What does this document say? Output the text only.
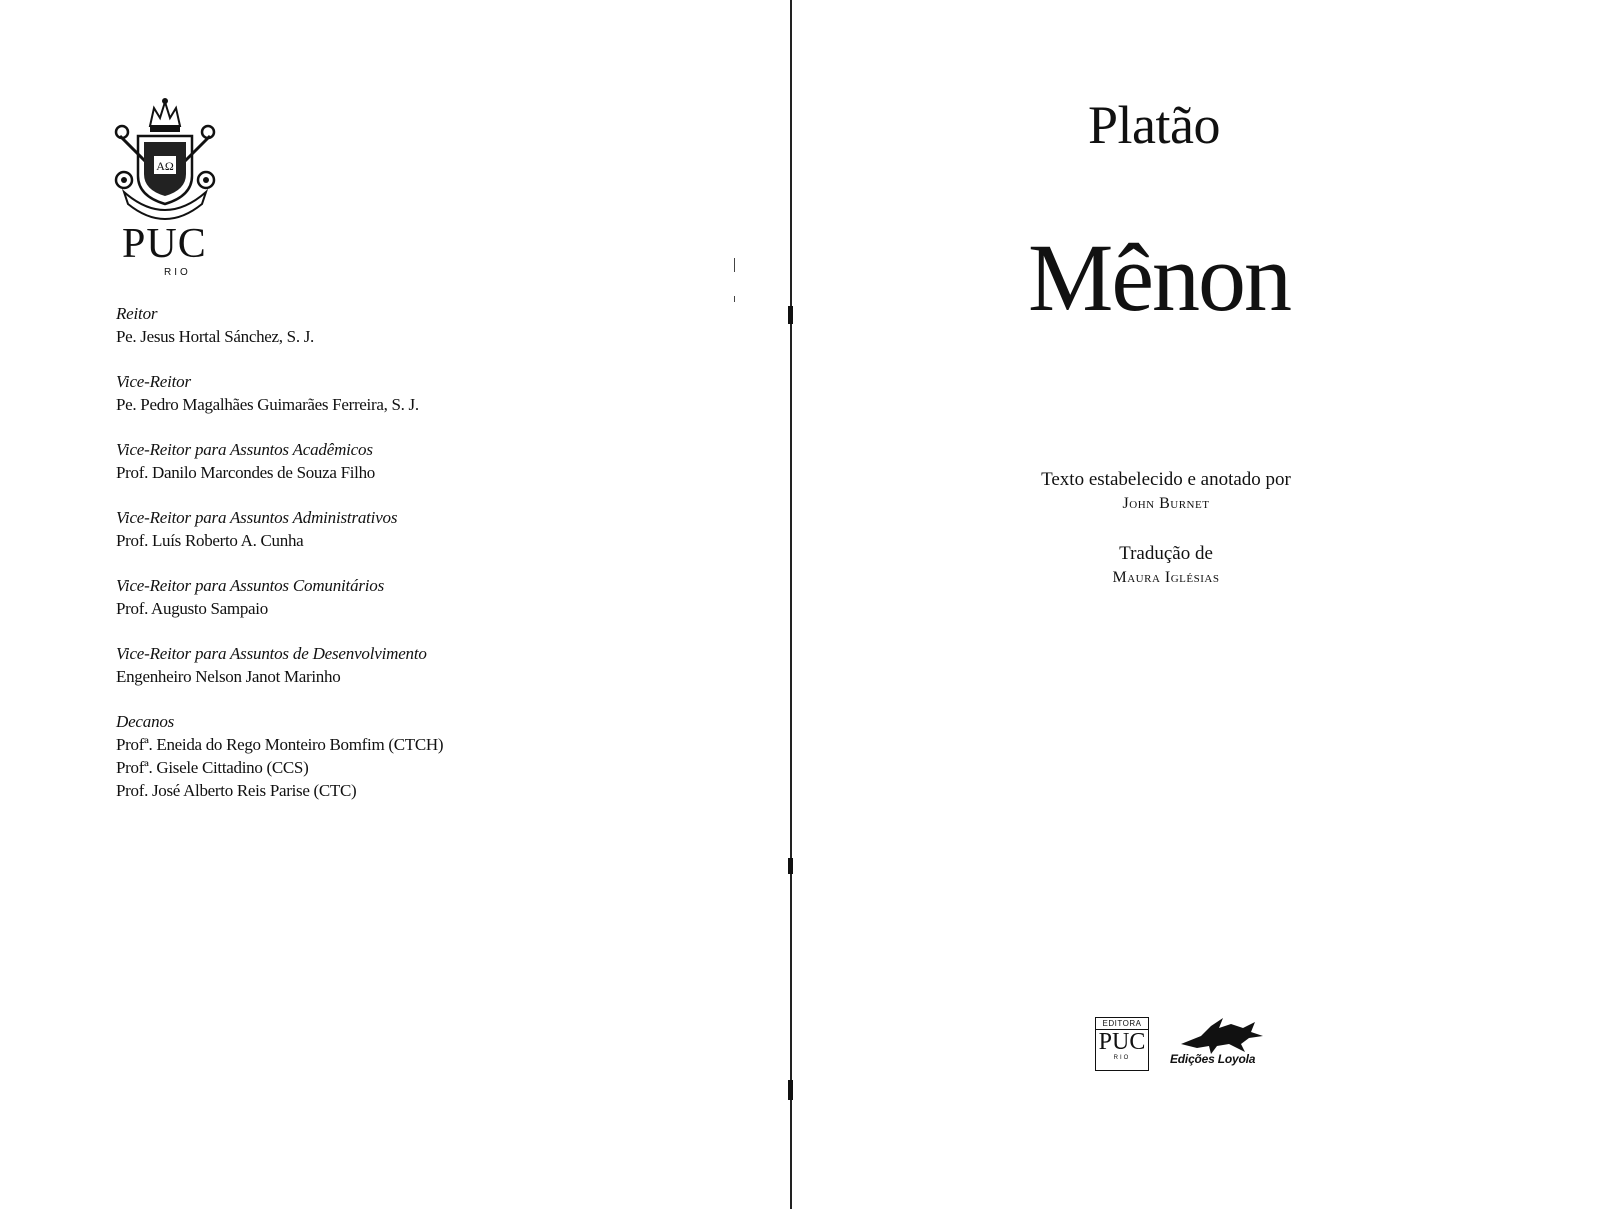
AΩ
PUC
RIO
Reitor
Pe. Jesus Hortal Sánchez, S. J.
Vice-Reitor
Pe. Pedro Magalhães Guimarães Ferreira, S. J.
Vice-Reitor para Assuntos Acadêmicos
Prof. Danilo Marcondes de Souza Filho
Vice-Reitor para Assuntos Administrativos
Prof. Luís Roberto A. Cunha
Vice-Reitor para Assuntos Comunitários
Prof. Augusto Sampaio
Vice-Reitor para Assuntos de Desenvolvimento
Engenheiro Nelson Janot Marinho
Decanos
Profª. Eneida do Rego Monteiro Bomfim (CTCH)
Profª. Gisele Cittadino (CCS)
Prof. José Alberto Reis Parise (CTC)
Platão
Mênon
Texto estabelecido e anotado por
John Burnet
Tradução de
Maura Iglésias
EDITORA
PUC
RIO	Edições Loyola
